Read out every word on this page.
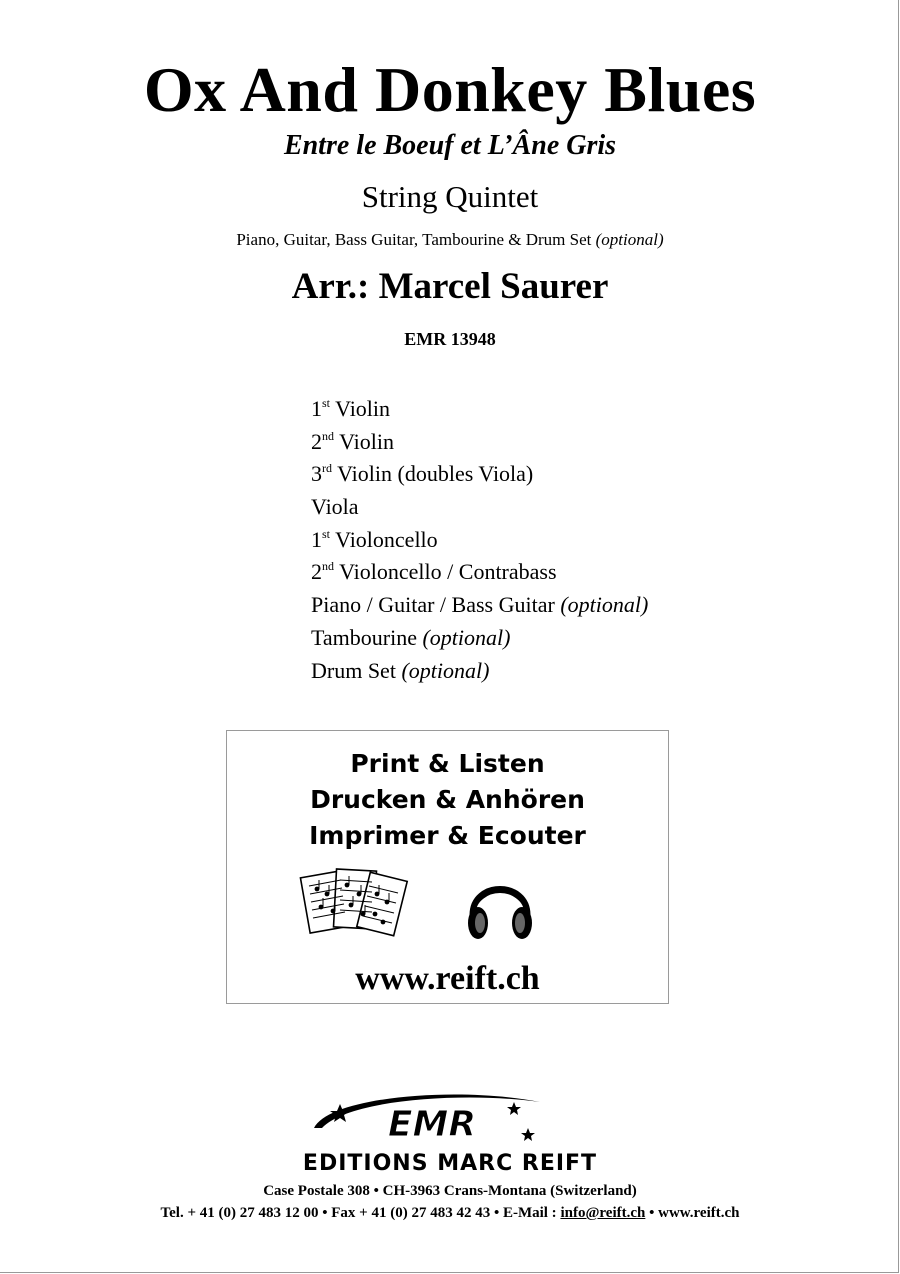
Ox And Donkey Blues
Entre le Boeuf et L’Âne Gris
String Quintet
Piano, Guitar, Bass Guitar, Tambourine & Drum Set (optional)
Arr.: Marcel Saurer
EMR 13948
1st Violin
2nd Violin
3rd Violin (doubles Viola)
Viola
1st Violoncello
2nd Violoncello / Contrabass
Piano / Guitar / Bass Guitar (optional)
Tambourine (optional)
Drum Set (optional)
Print & Listen
Drucken & Anhören
Imprimer & Ecouter
www.reift.ch
EMR
EDITIONS MARC REIFT
Case Postale 308 • CH-3963 Crans-Montana (Switzerland)
Tel. + 41 (0) 27 483 12 00 • Fax + 41 (0) 27 483 42 43 • E-Mail : info@reift.ch • www.reift.ch
